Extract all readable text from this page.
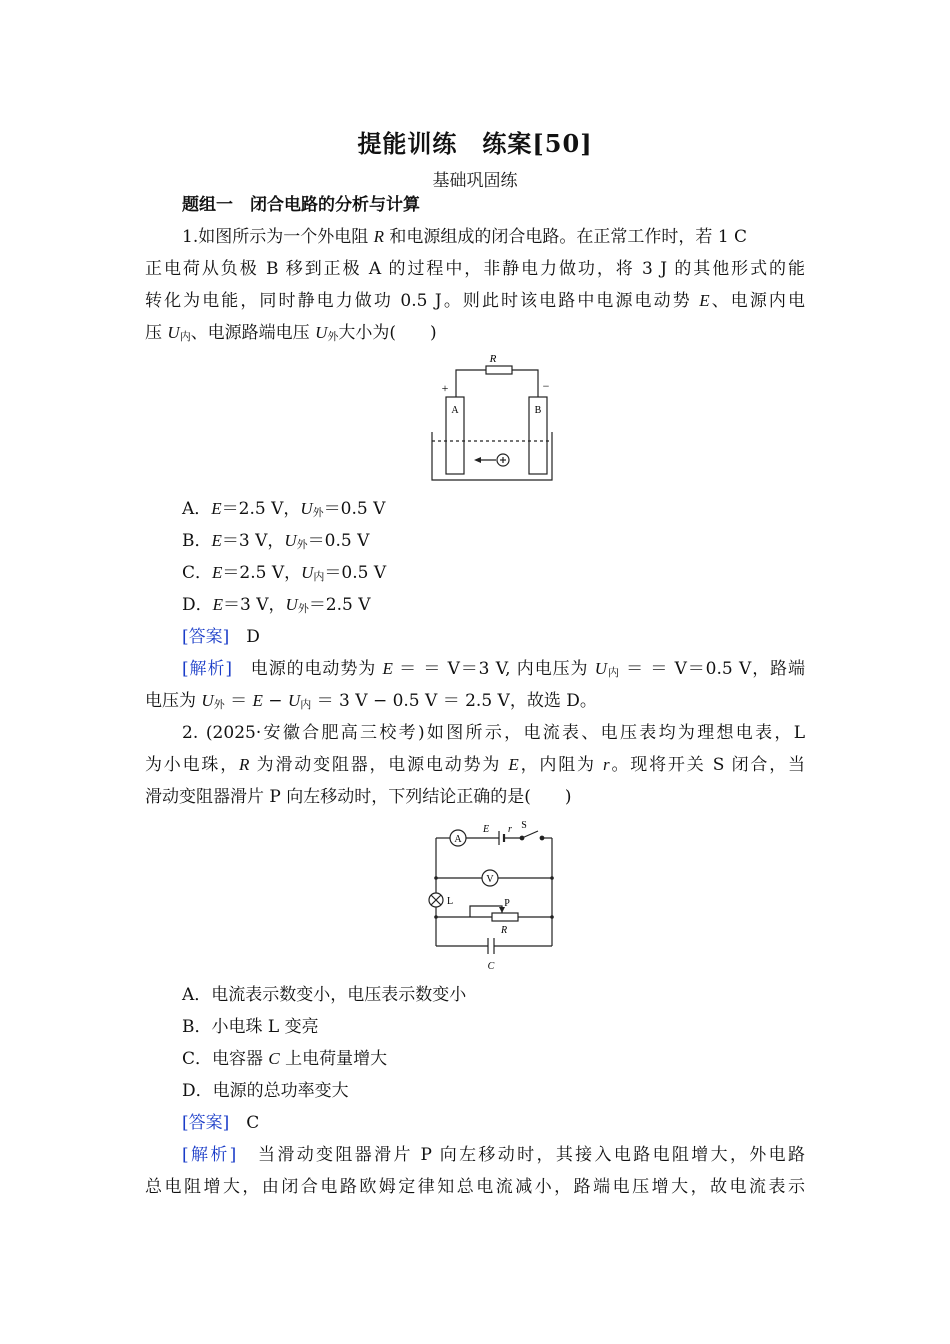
提能训练　练案[50]
基础巩固练
题组一　闭合电路的分析与计算
1.如图所示为一个外电阻 R 和电源组成的闭合电路。在正常工作时，若 1 C
正电荷从负极 B 移到正极 A 的过程中，非静电力做功，将 3 J 的其他形式的能
转化为电能，同时静电力做功 0.5 J。则此时该电路中电源电动势 E、电源内电
压 $U_内$、电源路端电压 $U_外$大小为(　　)
R
+	−
A	B
A．E＝2.5 V，$U_外=0.5$ V
B．E＝3 V，$U_外=0.5$ V
C．E＝2.5 V，$U_内=0.5$ V
D．E＝3 V，$U_外=2.5$ V
[答案]　 D
[解析]　 电源的电动势为 E ＝ ＝ V＝3 V, 内电压为 $U_内$ ＝ ＝ V＝0.5 V，路端
电压为 $U_外 = E - U_内 = 3$ V − 0.5 V ＝ 2.5 V，故选 D。
2. (2025·安徽合肥高三校考)如图所示，电流表、电压表均为理想电表，L
为小电珠，R 为滑动变阻器，电源电动势为 E，内阻为 r。现将开关 S 闭合，当
滑动变阻器滑片 P 向左移动时，下列结论正确的是(　　)
A
E r S
V
L	P
R
C
A．电流表示数变小，电压表示数变小
B．小电珠 L 变亮
C．电容器 C 上电荷量增大
D．电源的总功率变大
[答案]　 C
[解析]　 当滑动变阻器滑片 P 向左移动时，其接入电路电阻增大，外电路
总电阻增大，由闭合电路欧姆定律知总电流减小，路端电压增大，故电流表示
